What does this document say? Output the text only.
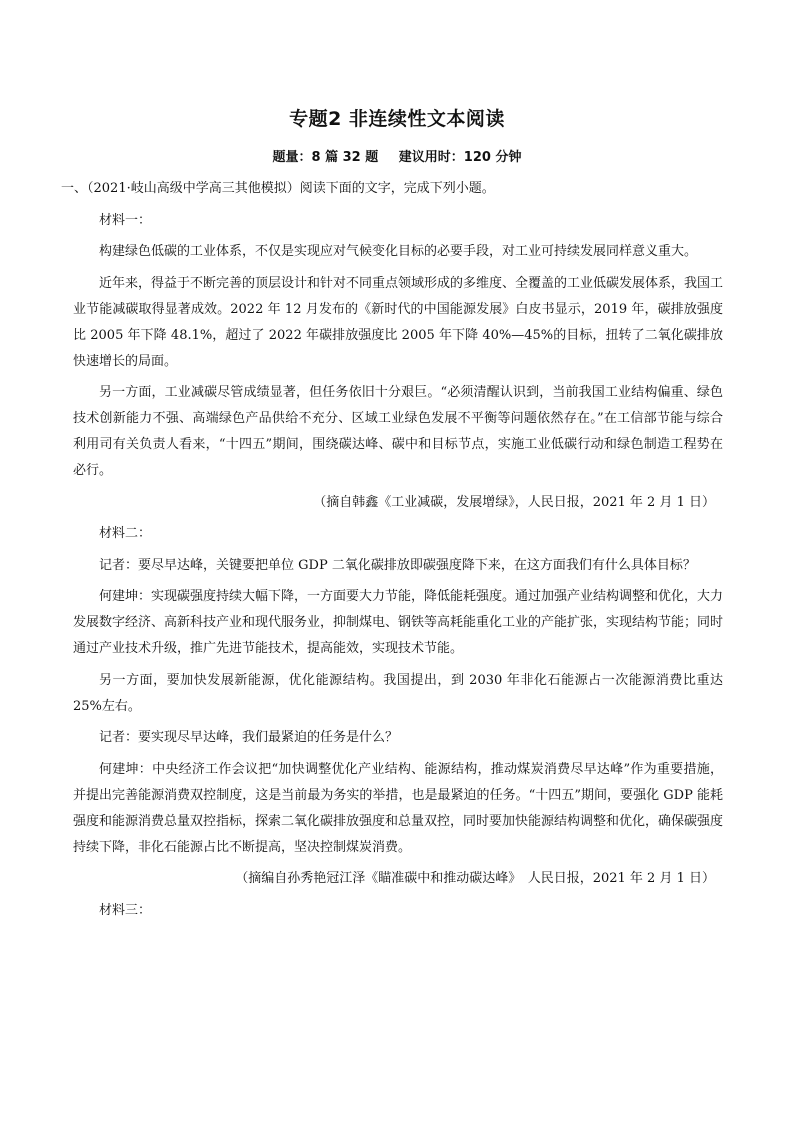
专题2 非连续性文本阅读
题量：8 篇 32 题 建议用时：120 分钟

一、（2021·岐山高级中学高三其他模拟）阅读下面的文字，完成下列小题。

材料一：

构建绿色低碳的工业体系，不仅是实现应对气候变化目标的必要手段，对工业可持续发展同样意义重大。

近年来，得益于不断完善的顶层设计和针对不同重点领域形成的多维度、全覆盖的工业低碳发展体系，我国工业节能减碳取得显著成效。2022 年 12 月发布的《新时代的中国能源发展》白皮书显示，2019 年，碳排放强度比 2005 年下降 48.1%，超过了 2022 年碳排放强度比 2005 年下降 40%—45%的目标，扭转了二氧化碳排放快速增长的局面。

另一方面，工业减碳尽管成绩显著，但任务依旧十分艰巨。“必须清醒认识到，当前我国工业结构偏重、绿色技术创新能力不强、高端绿色产品供给不充分、区域工业绿色发展不平衡等问题依然存在。”在工信部节能与综合利用司有关负责人看来，“十四五”期间，围绕碳达峰、碳中和目标节点，实施工业低碳行动和绿色制造工程势在必行。

（摘自韩鑫《工业减碳，发展增绿》，人民日报，2021 年 2 月 1 日）

材料二：

记者：要尽早达峰，关键要把单位 GDP 二氧化碳排放即碳强度降下来，在这方面我们有什么具体目标？

何建坤：实现碳强度持续大幅下降，一方面要大力节能，降低能耗强度。通过加强产业结构调整和优化，大力发展数字经济、高新科技产业和现代服务业，抑制煤电、钢铁等高耗能重化工业的产能扩张，实现结构节能；同时通过产业技术升级，推广先进节能技术，提高能效，实现技术节能。

另一方面，要加快发展新能源，优化能源结构。我国提出，到 2030 年非化石能源占一次能源消费比重达 25%左右。

记者：要实现尽早达峰，我们最紧迫的任务是什么？

何建坤：中央经济工作会议把“加快调整优化产业结构、能源结构，推动煤炭消费尽早达峰”作为重要措施，并提出完善能源消费双控制度，这是当前最为务实的举措，也是最紧迫的任务。“十四五”期间，要强化 GDP 能耗强度和能源消费总量双控指标，探索二氧化碳排放强度和总量双控，同时要加快能源结构调整和优化，确保碳强度持续下降，非化石能源占比不断提高，坚决控制煤炭消费。

（摘编自孙秀艳冠江泽《瞄准碳中和推动碳达峰》　人民日报，2021 年 2 月 1 日）

材料三：
